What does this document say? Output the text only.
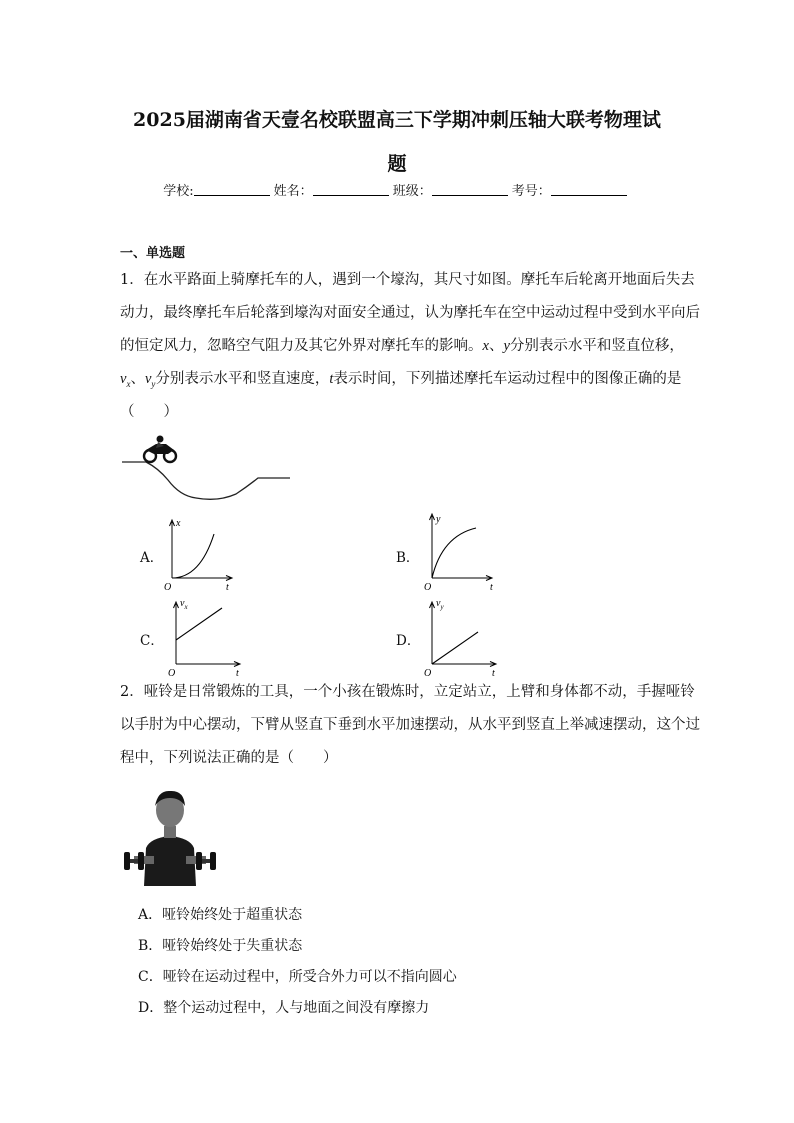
2025届湖南省天壹名校联盟高三下学期冲刺压轴大联考物理试
题
学校:	姓名：	班级：	考号：
一、单选题
1．在水平路面上骑摩托车的人，遇到一个壕沟，其尺寸如图。摩托车后轮离开地面后失去
动力，最终摩托车后轮落到壕沟对面安全通过，认为摩托车在空中运动过程中受到水平向后
的恒定风力，忽略空气阻力及其它外界对摩托车的影响。x、y分别表示水平和竖直位移，
$v_x$、$v_y$分别表示水平和竖直速度，t表示时间，下列描述摩托车运动过程中的图像正确的是
（　　）
A．
x
t
O
B．
y
t
O
C．
$v_x$
t
O
D．
$v_y$
t
O
2．哑铃是日常锻炼的工具，一个小孩在锻炼时，立定站立，上臂和身体都不动，手握哑铃
以手肘为中心摆动，下臂从竖直下垂到水平加速摆动，从水平到竖直上举减速摆动，这个过
程中，下列说法正确的是（　　）
A．哑铃始终处于超重状态
B．哑铃始终处于失重状态
C．哑铃在运动过程中，所受合外力可以不指向圆心
D．整个运动过程中，人与地面之间没有摩擦力
